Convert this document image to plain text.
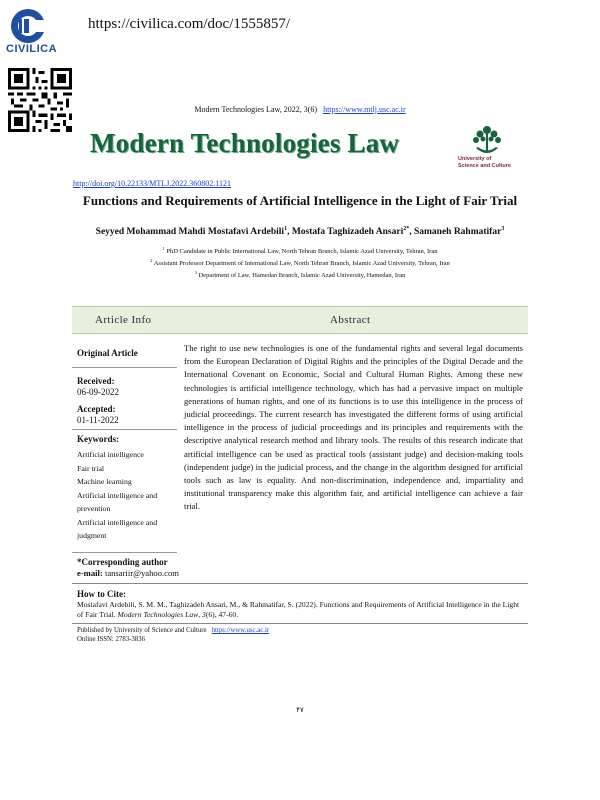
CIVILICA
https://civilica.com/doc/1555857/
Modern Technologies Law, 2022, 3(6) https://www.mtlj.usc.ac.ir
Modern Technologies Law
University of
Science and Culture
http://doi.org/10.22133/MTLJ.2022.360802.1121
Functions and Requirements of Artificial Intelligence in the Light of Fair Trial
Seyyed Mohammad Mahdi Mostafavi Ardebili$^1$, Mostafa Taghizadeh Ansari$^{2*}$, Samaneh Rahmatifar$^3$
$^1$ PhD Candidate in Public International Law, North Tehran Branch, Islamic Azad University, Tehran, Iran
$^2$ Assistant Professor Department of International Law, North Tehran Branch, Islamic Azad University, Tehran, Iran
$^3$ Department of Law, Hamedan Branch, Islamic Azad University, Hamedan, Iran
Article Info	Abstract
Original Article
Received:
06-09-2022
Accepted:
01-11-2022
Keywords:
Artificial intelligence
Fair trial
Machine learning
Artificial intelligence and
prevention
Artificial intelligence and
judgment
*Corresponding author
e-mail: tansariir@yahoo.com
The right to use new technologies is one of the fundamental rights and several legal documents from the European Declaration of Digital Rights and the principles of the Digital Decade and the International Covenant on Economic, Social and Cultural Human Rights. Among these new technologies is artificial intelligence technology, which has had a pervasive impact on multiple generations of human rights, and one of its functions is to use this intelligence in the process of judicial proceedings. The current research has investigated the different forms of using artificial intelligence in the process of judicial proceedings and its principles and requirements with the descriptive analytical research method and library tools. The results of this research indicate that artificial intelligence can be used as practical tools (assistant judge) and decision-making tools (independent judge) in the judicial process, and the change in the algorithm designed for artificial tools such as law is equality. And non-discrimination, independence and, impartiality and institutional transparency make this algorithm fair, and artificial intelligence can achieve a fair trial.
How to Cite:
Mostafavi Ardebili, S. M. M., Taghizadeh Ansari, M., & Rahmatifar, S. (2022). Functions and Requirements of Artificial Intelligence in the Light of Fair Trial. Modern Technologies Law, 3(6), 47-60.
Published by University of Science and Culture https://www.usc.ac.ir
Online ISSN: 2783-3836
۴۷
